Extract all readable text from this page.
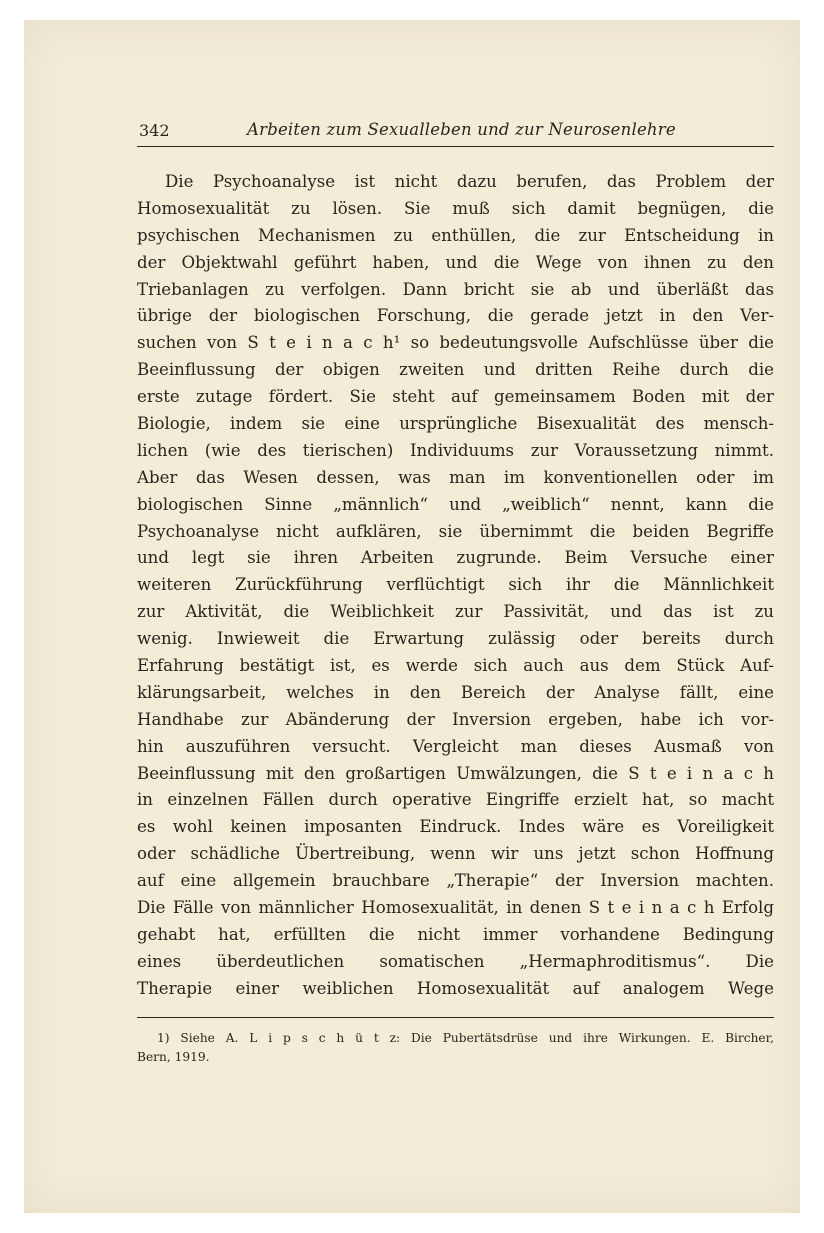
342	Arbeiten zum Sexualleben und zur Neurosenlehre
Die Psychoanalyse ist nicht dazu berufen, das Problem der
Homosexualität zu lösen. Sie muß sich damit begnügen, die
psychischen Mechanismen zu enthüllen, die zur Entscheidung in
der Objektwahl geführt haben, und die Wege von ihnen zu den
Triebanlagen zu verfolgen. Dann bricht sie ab und überläßt das
übrige der biologischen Forschung, die gerade jetzt in den Ver-
suchen von S t e i n a c h¹ so bedeutungsvolle Aufschlüsse über die
Beeinflussung der obigen zweiten und dritten Reihe durch die
erste zutage fördert. Sie steht auf gemeinsamem Boden mit der
Biologie, indem sie eine ursprüngliche Bisexualität des mensch-
lichen (wie des tierischen) Individuums zur Voraussetzung nimmt.
Aber das Wesen dessen, was man im konventionellen oder im
biologischen Sinne „männlich“ und „weiblich“ nennt, kann die
Psychoanalyse nicht aufklären, sie übernimmt die beiden Begriffe
und legt sie ihren Arbeiten zugrunde. Beim Versuche einer
weiteren Zurückführung verflüchtigt sich ihr die Männlichkeit
zur Aktivität, die Weiblichkeit zur Passivität, und das ist zu
wenig. Inwieweit die Erwartung zulässig oder bereits durch
Erfahrung bestätigt ist, es werde sich auch aus dem Stück Auf-
klärungsarbeit, welches in den Bereich der Analyse fällt, eine
Handhabe zur Abänderung der Inversion ergeben, habe ich vor-
hin auszuführen versucht. Vergleicht man dieses Ausmaß von
Beeinflussung mit den großartigen Umwälzungen, die S t e i n a c h
in einzelnen Fällen durch operative Eingriffe erzielt hat, so macht
es wohl keinen imposanten Eindruck. Indes wäre es Voreiligkeit
oder schädliche Übertreibung, wenn wir uns jetzt schon Hoffnung
auf eine allgemein brauchbare „Therapie“ der Inversion machten.
Die Fälle von männlicher Homosexualität, in denen S t e i n a c h Erfolg
gehabt hat, erfüllten die nicht immer vorhandene Bedingung
eines überdeutlichen somatischen „Hermaphroditismus“. Die
Therapie einer weiblichen Homosexualität auf analogem Wege
1) Siehe A. L i p s c h ü t z: Die Pubertätsdrüse und ihre Wirkungen. E. Bircher,
Bern, 1919.
